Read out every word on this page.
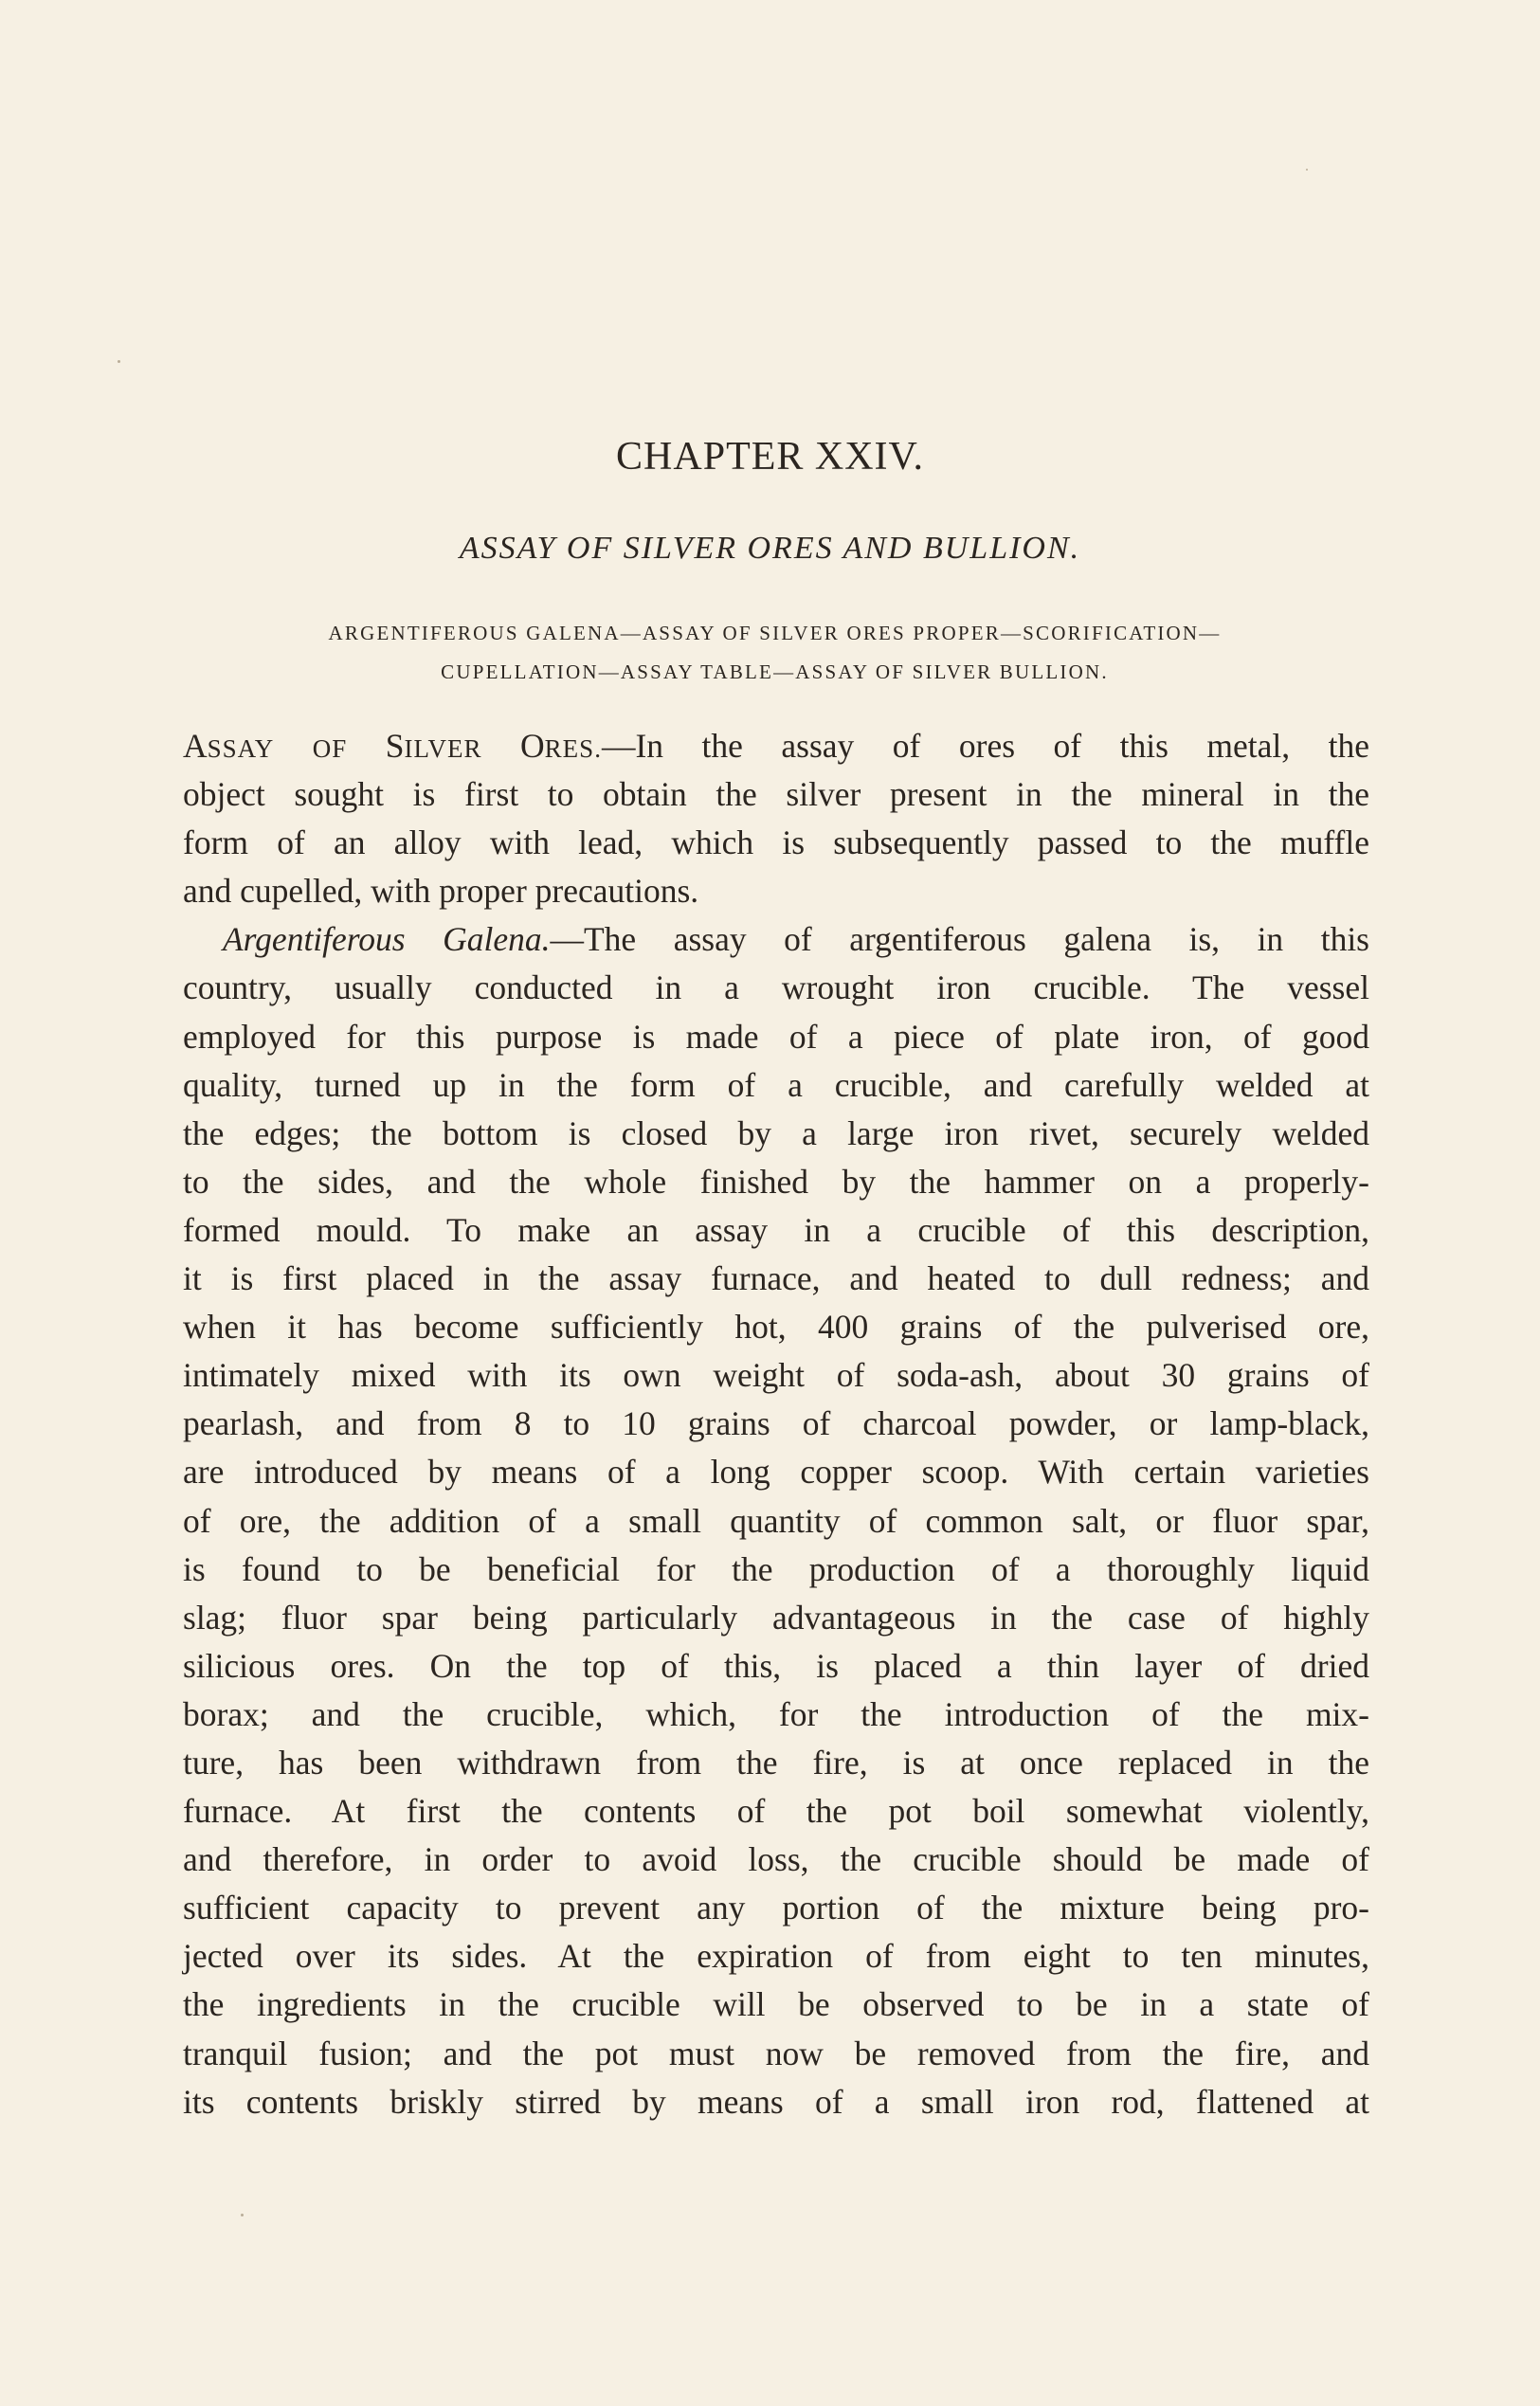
CHAPTER XXIV.
ASSAY OF SILVER ORES AND BULLION.
ARGENTIFEROUS GALENA—ASSAY OF SILVER ORES PROPER—SCORIFICATION—
CUPELLATION—ASSAY TABLE—ASSAY OF SILVER BULLION.
ASSAY OF SILVER ORES.—In the assay of ores of this metal, the
object sought is first to obtain the silver present in the mineral in the
form of an alloy with lead, which is subsequently passed to the muffle
and cupelled, with proper precautions.
Argentiferous Galena.—The assay of argentiferous galena is, in this
country, usually conducted in a wrought iron crucible. The vessel
employed for this purpose is made of a piece of plate iron, of good
quality, turned up in the form of a crucible, and carefully welded at
the edges; the bottom is closed by a large iron rivet, securely welded
to the sides, and the whole finished by the hammer on a properly-
formed mould. To make an assay in a crucible of this description,
it is first placed in the assay furnace, and heated to dull redness; and
when it has become sufficiently hot, 400 grains of the pulverised ore,
intimately mixed with its own weight of soda-ash, about 30 grains of
pearlash, and from 8 to 10 grains of charcoal powder, or lamp-black,
are introduced by means of a long copper scoop. With certain varieties
of ore, the addition of a small quantity of common salt, or fluor spar,
is found to be beneficial for the production of a thoroughly liquid
slag; fluor spar being particularly advantageous in the case of highly
silicious ores. On the top of this, is placed a thin layer of dried
borax; and the crucible, which, for the introduction of the mix-
ture, has been withdrawn from the fire, is at once replaced in the
furnace. At first the contents of the pot boil somewhat violently,
and therefore, in order to avoid loss, the crucible should be made of
sufficient capacity to prevent any portion of the mixture being pro-
jected over its sides. At the expiration of from eight to ten minutes,
the ingredients in the crucible will be observed to be in a state of
tranquil fusion; and the pot must now be removed from the fire, and
its contents briskly stirred by means of a small iron rod, flattened at
